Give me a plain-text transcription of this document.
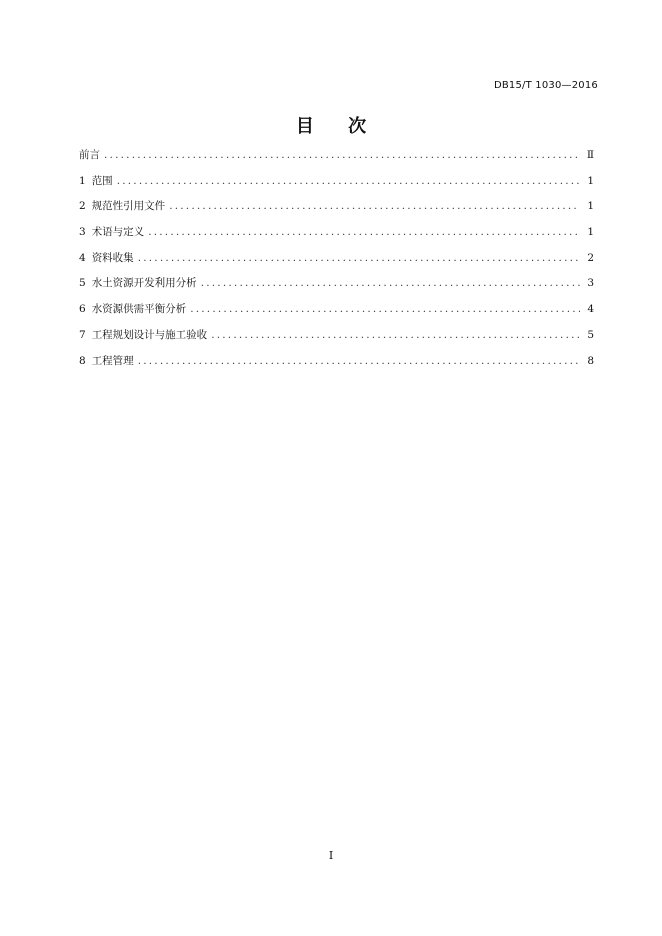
DB15/T 1030—2016
目 次
前言 .....	Ⅱ
1 范围 .....	1
2 规范性引用文件 .....	1
3 术语与定义 .....	1
4 资料收集 .....	2
5 水土资源开发利用分析 .....	3
6 水资源供需平衡分析 .....	4
7 工程规划设计与施工验收 .....	5
8 工程管理 .....	8
I
